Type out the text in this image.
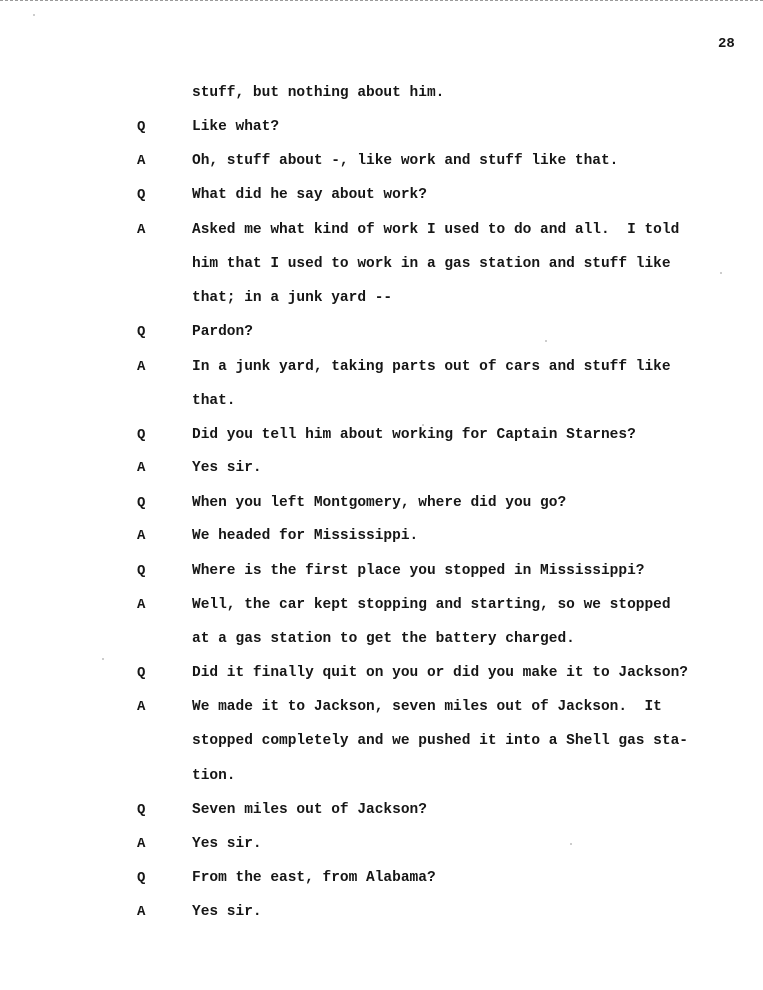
28
stuff, but nothing about him.
Q	Like what?
A	Oh, stuff about -, like work and stuff like that.
Q	What did he say about work?
A	Asked me what kind of work I used to do and all.  I told
him that I used to work in a gas station and stuff like
that; in a junk yard --
Q	Pardon?
A	In a junk yard, taking parts out of cars and stuff like
that.
Q	Did you tell him about working for Captain Starnes?
A	Yes sir.
Q	When you left Montgomery, where did you go?
A	We headed for Mississippi.
Q	Where is the first place you stopped in Mississippi?
A	Well, the car kept stopping and starting, so we stopped
at a gas station to get the battery charged.
Q	Did it finally quit on you or did you make it to Jackson?
A	We made it to Jackson, seven miles out of Jackson.  It
stopped completely and we pushed it into a Shell gas sta-
tion.
Q	Seven miles out of Jackson?
A	Yes sir.
Q	From the east, from Alabama?
A	Yes sir.
